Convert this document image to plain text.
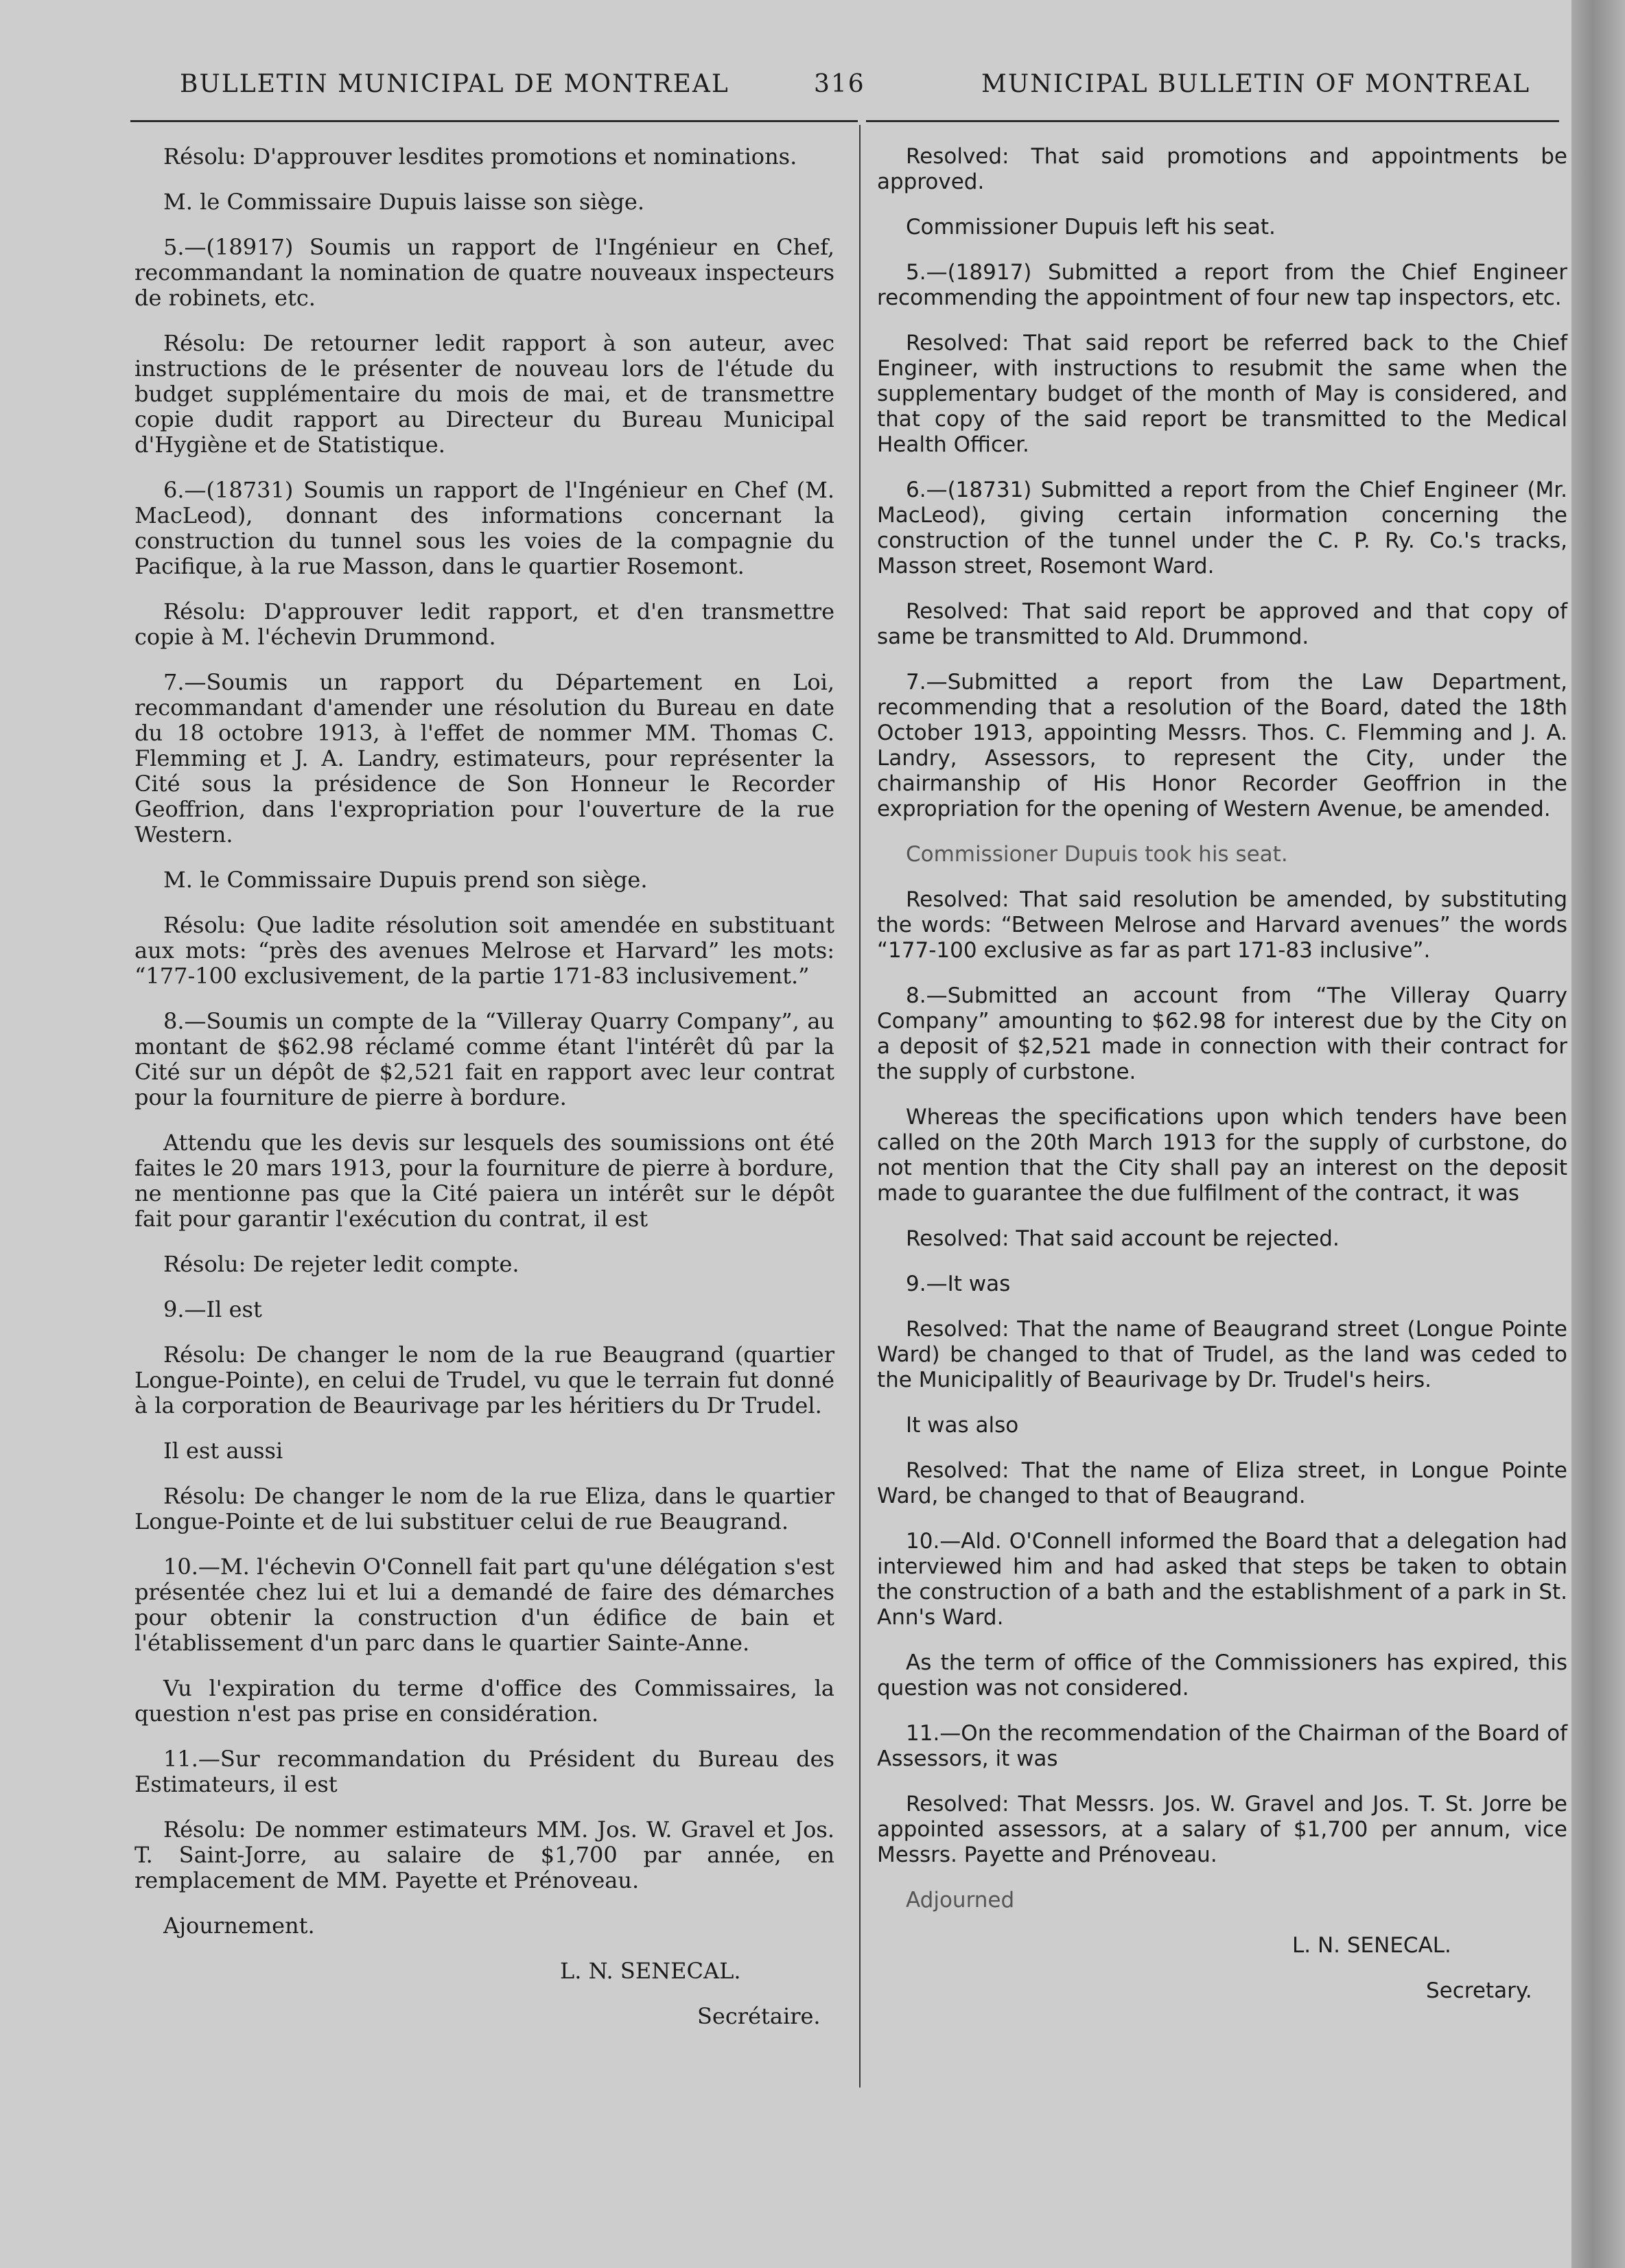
BULLETIN MUNICIPAL DE MONTREAL	316	MUNICIPAL BULLETIN OF MONTREAL

Résolu: D'approuver lesdites promotions et nominations.

M. le Commissaire Dupuis laisse son siège.

5.—(18917) Soumis un rapport de l'Ingénieur en Chef, recommandant la nomination de quatre nouveaux inspecteurs de robinets, etc.

Résolu: De retourner ledit rapport à son auteur, avec instructions de le présenter de nouveau lors de l'étude du budget supplémentaire du mois de mai, et de transmettre copie dudit rapport au Directeur du Bureau Municipal d'Hygiène et de Statistique.

6.—(18731) Soumis un rapport de l'Ingénieur en Chef (M. MacLeod), donnant des informations concernant la construction du tunnel sous les voies de la compagnie du Pacifique, à la rue Masson, dans le quartier Rosemont.

Résolu: D'approuver ledit rapport, et d'en transmettre copie à M. l'échevin Drummond.

7.—Soumis un rapport du Département en Loi, recommandant d'amender une résolution du Bureau en date du 18 octobre 1913, à l'effet de nommer MM. Thomas C. Flemming et J. A. Landry, estimateurs, pour représenter la Cité sous la présidence de Son Honneur le Recorder Geoffrion, dans l'expropriation pour l'ouverture de la rue Western.

M. le Commissaire Dupuis prend son siège.

Résolu: Que ladite résolution soit amendée en substituant aux mots: “près des avenues Melrose et Harvard” les mots: “177-100 exclusivement, de la partie 171-83 inclusivement.”

8.—Soumis un compte de la “Villeray Quarry Company”, au montant de $62.98 réclamé comme étant l'intérêt dû par la Cité sur un dépôt de $2,521 fait en rapport avec leur contrat pour la fourniture de pierre à bordure.

Attendu que les devis sur lesquels des soumissions ont été faites le 20 mars 1913, pour la fourniture de pierre à bordure, ne mentionne pas que la Cité paiera un intérêt sur le dépôt fait pour garantir l'exécution du contrat, il est

Résolu: De rejeter ledit compte.

9.—Il est

Résolu: De changer le nom de la rue Beaugrand (quartier Longue-Pointe), en celui de Trudel, vu que le terrain fut donné à la corporation de Beaurivage par les héritiers du Dr Trudel.

Il est aussi

Résolu: De changer le nom de la rue Eliza, dans le quartier Longue-Pointe et de lui substituer celui de rue Beaugrand.

10.—M. l'échevin O'Connell fait part qu'une délégation s'est présentée chez lui et lui a demandé de faire des démarches pour obtenir la construction d'un édifice de bain et l'établissement d'un parc dans le quartier Sainte-Anne.

Vu l'expiration du terme d'office des Commissaires, la question n'est pas prise en considération.

11.—Sur recommandation du Président du Bureau des Estimateurs, il est

Résolu: De nommer estimateurs MM. Jos. W. Gravel et Jos. T. Saint-Jorre, au salaire de $1,700 par année, en remplacement de MM. Payette et Prénoveau.

Ajournement.

L. N. SENECAL.

Secrétaire.

Resolved: That said promotions and appointments be approved.

Commissioner Dupuis left his seat.

5.—(18917) Submitted a report from the Chief Engineer recommending the appointment of four new tap inspectors, etc.

Resolved: That said report be referred back to the Chief Engineer, with instructions to resubmit the same when the supplementary budget of the month of May is considered, and that copy of the said report be transmitted to the Medical Health Officer.

6.—(18731) Submitted a report from the Chief Engineer (Mr. MacLeod), giving certain information concerning the construction of the tunnel under the C. P. Ry. Co.'s tracks, Masson street, Rosemont Ward.

Resolved: That said report be approved and that copy of same be transmitted to Ald. Drummond.

7.—Submitted a report from the Law Department, recommending that a resolution of the Board, dated the 18th October 1913, appointing Messrs. Thos. C. Flemming and J. A. Landry, Assessors, to represent the City, under the chairmanship of His Honor Recorder Geoffrion in the expropriation for the opening of Western Avenue, be amended.

Commissioner Dupuis took his seat.

Resolved: That said resolution be amended, by substituting the words: “Between Melrose and Harvard avenues” the words “177-100 exclusive as far as part 171-83 inclusive”.

8.—Submitted an account from “The Villeray Quarry Company” amounting to $62.98 for interest due by the City on a deposit of $2,521 made in connection with their contract for the supply of curbstone.

Whereas the specifications upon which tenders have been called on the 20th March 1913 for the supply of curbstone, do not mention that the City shall pay an interest on the deposit made to guarantee the due fulfilment of the contract, it was

Resolved: That said account be rejected.

9.—It was

Resolved: That the name of Beaugrand street (Longue Pointe Ward) be changed to that of Trudel, as the land was ceded to the Municipalitly of Beaurivage by Dr. Trudel's heirs.

It was also

Resolved: That the name of Eliza street, in Longue Pointe Ward, be changed to that of Beaugrand.

10.—Ald. O'Connell informed the Board that a delegation had interviewed him and had asked that steps be taken to obtain the construction of a bath and the establishment of a park in St. Ann's Ward.

As the term of office of the Commissioners has expired, this question was not considered.

11.—On the recommendation of the Chairman of the Board of Assessors, it was

Resolved: That Messrs. Jos. W. Gravel and Jos. T. St. Jorre be appointed assessors, at a salary of $1,700 per annum, vice Messrs. Payette and Prénoveau.

Adjourned

L. N. SENECAL.

Secretary.
